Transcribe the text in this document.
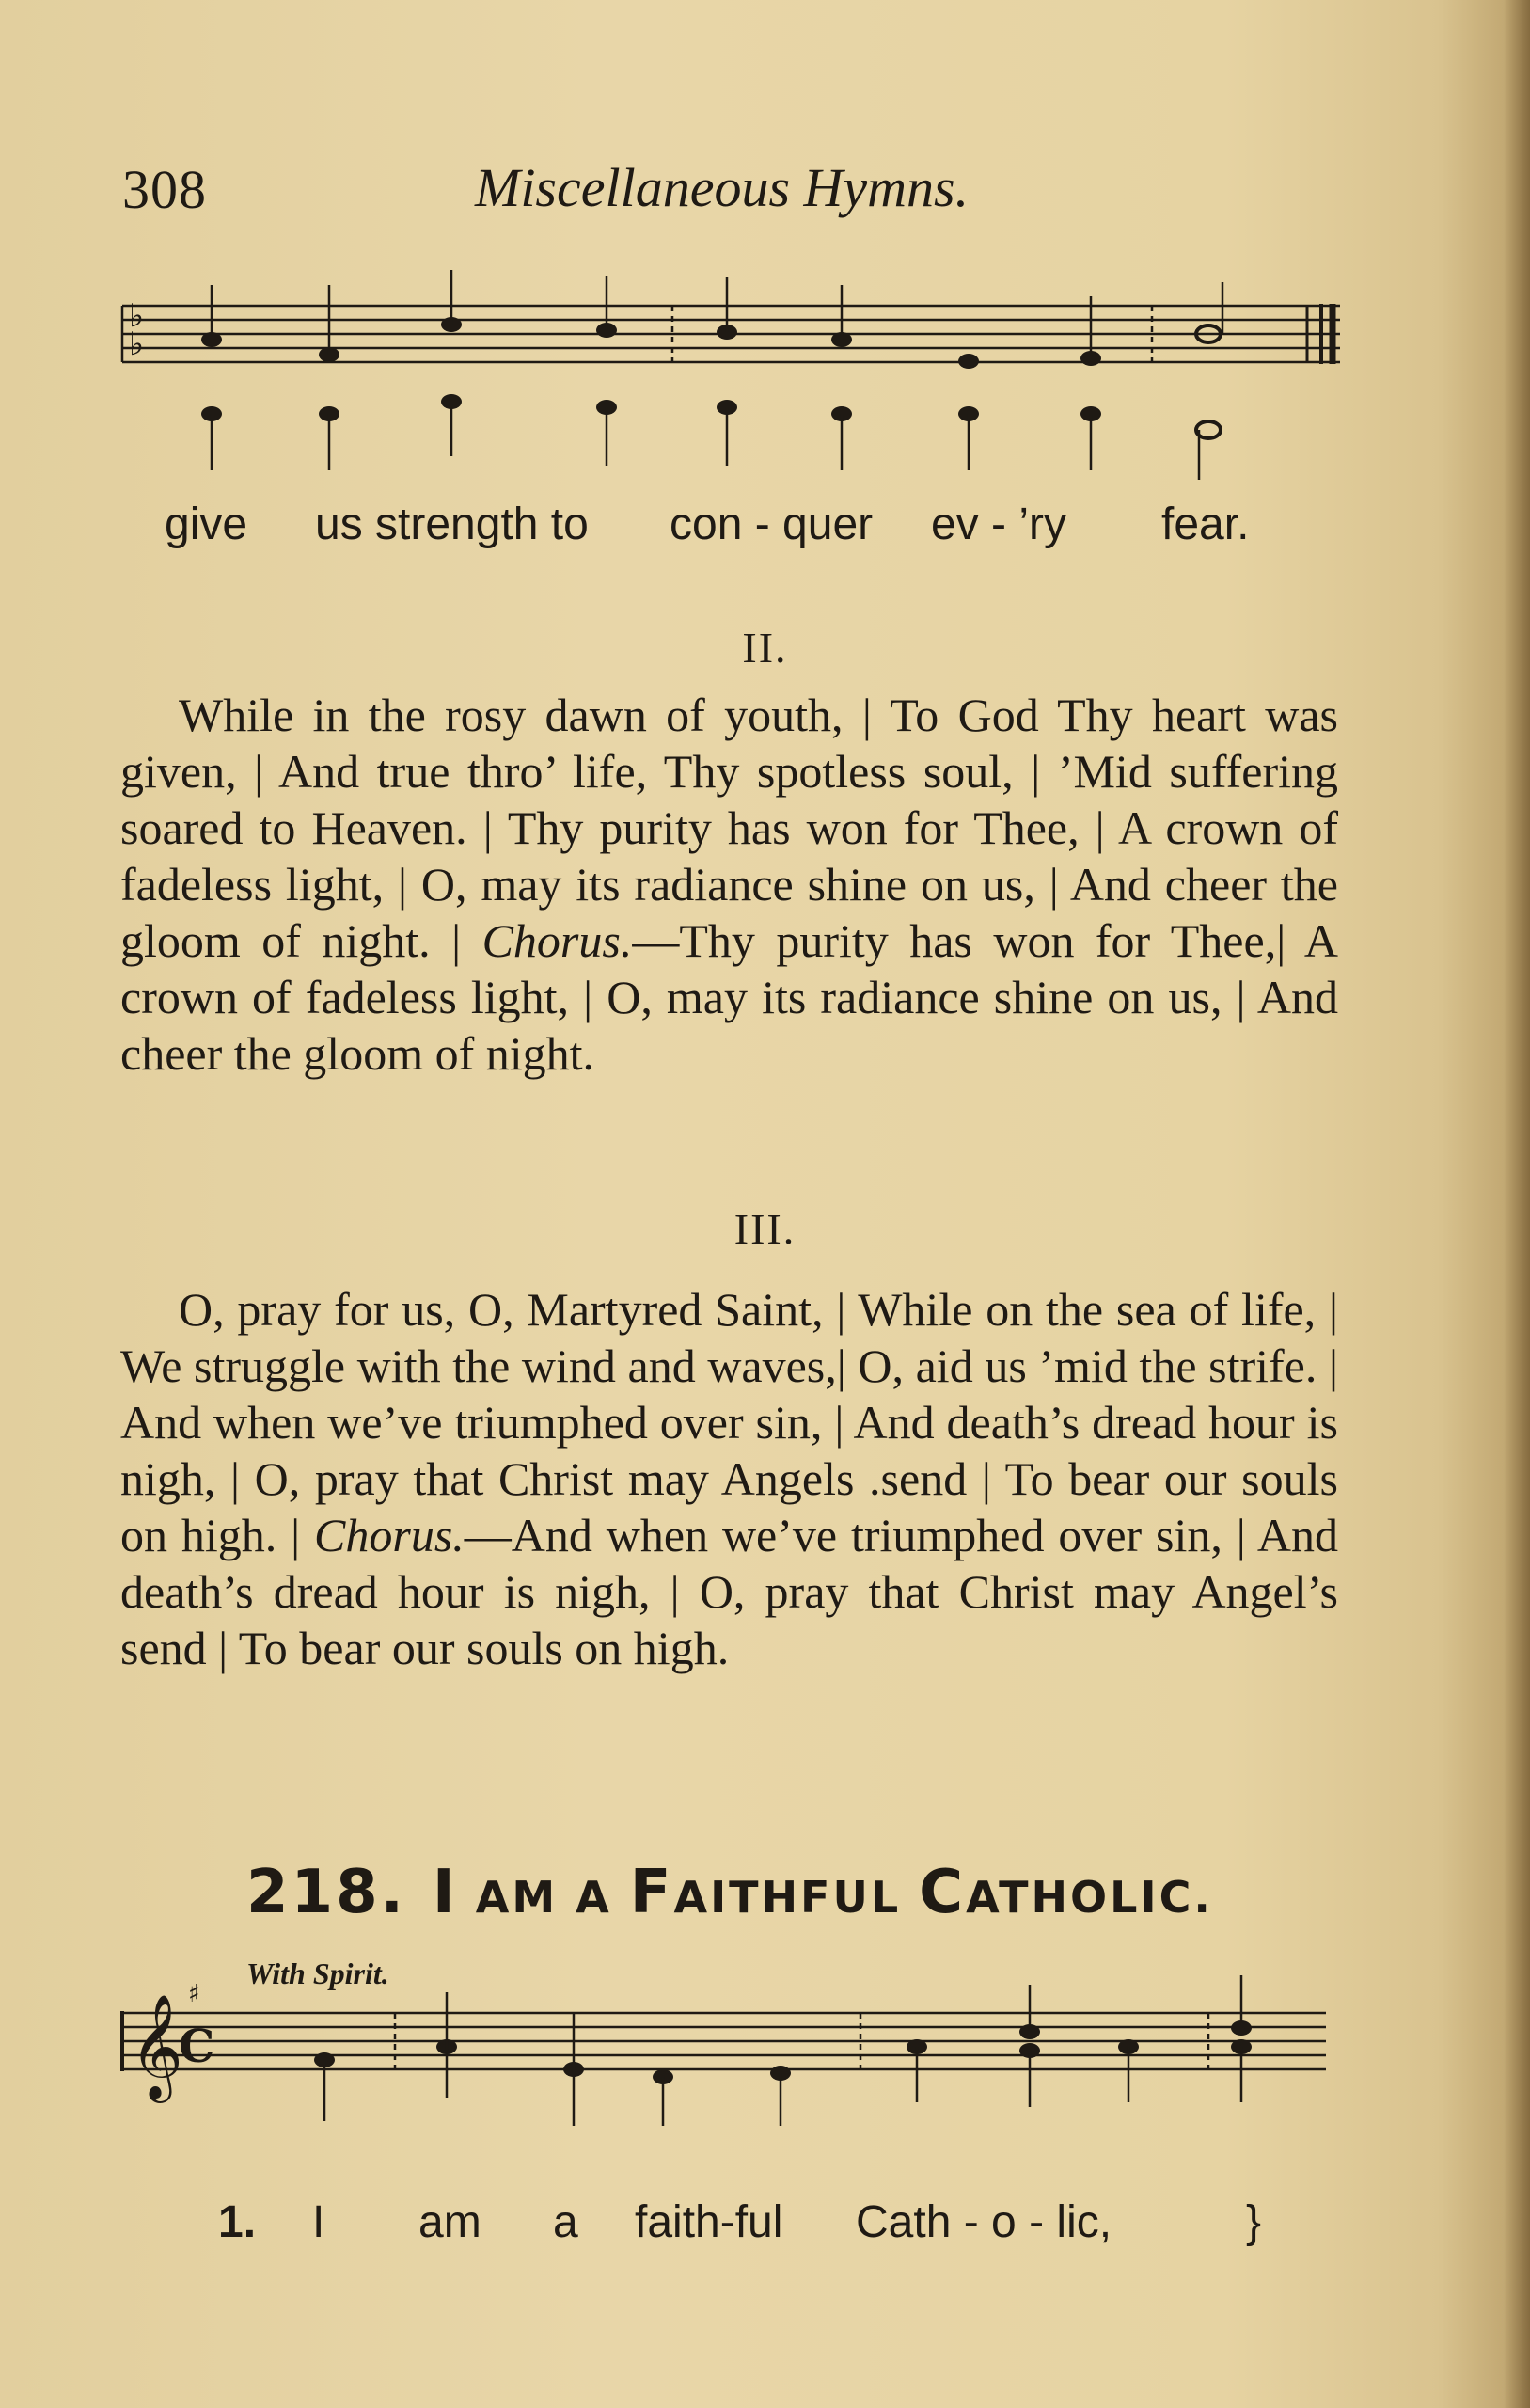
308	Miscellaneous Hymns.
♭
♭
give us strength to con - quer ev - ’ry fear.
II.
While in the rosy dawn of youth, | To God Thy heart was given, | And true thro’ life, Thy spotless soul, | ’Mid suffering soared to Heaven. | Thy purity has won for Thee, | A crown of fadeless light, | O, may its radiance shine on us, | And cheer the gloom of night. | Chorus.—Thy purity has won for Thee,| A crown of fadeless light, | O, may its radiance shine on us, | And cheer the gloom of night.
III.
O, pray for us, O, Martyred Saint, | While on the sea of life, | We struggle with the wind and waves,| O, aid us ’mid the strife. | And when we’ve triumphed over sin, | And death’s dread hour is nigh, | O, pray that Christ may Angels .send | To bear our souls on high. | Chorus.—And when we’ve triumphed over sin, | And death’s dread hour is nigh, | O, pray that Christ may Angel’s send | To bear our souls on high.
218. I AM A FAITHFUL CATHOLIC.
With Spirit.
𝄞
C
♯
1. I am a faith-ful Cath - o - lic,	}
